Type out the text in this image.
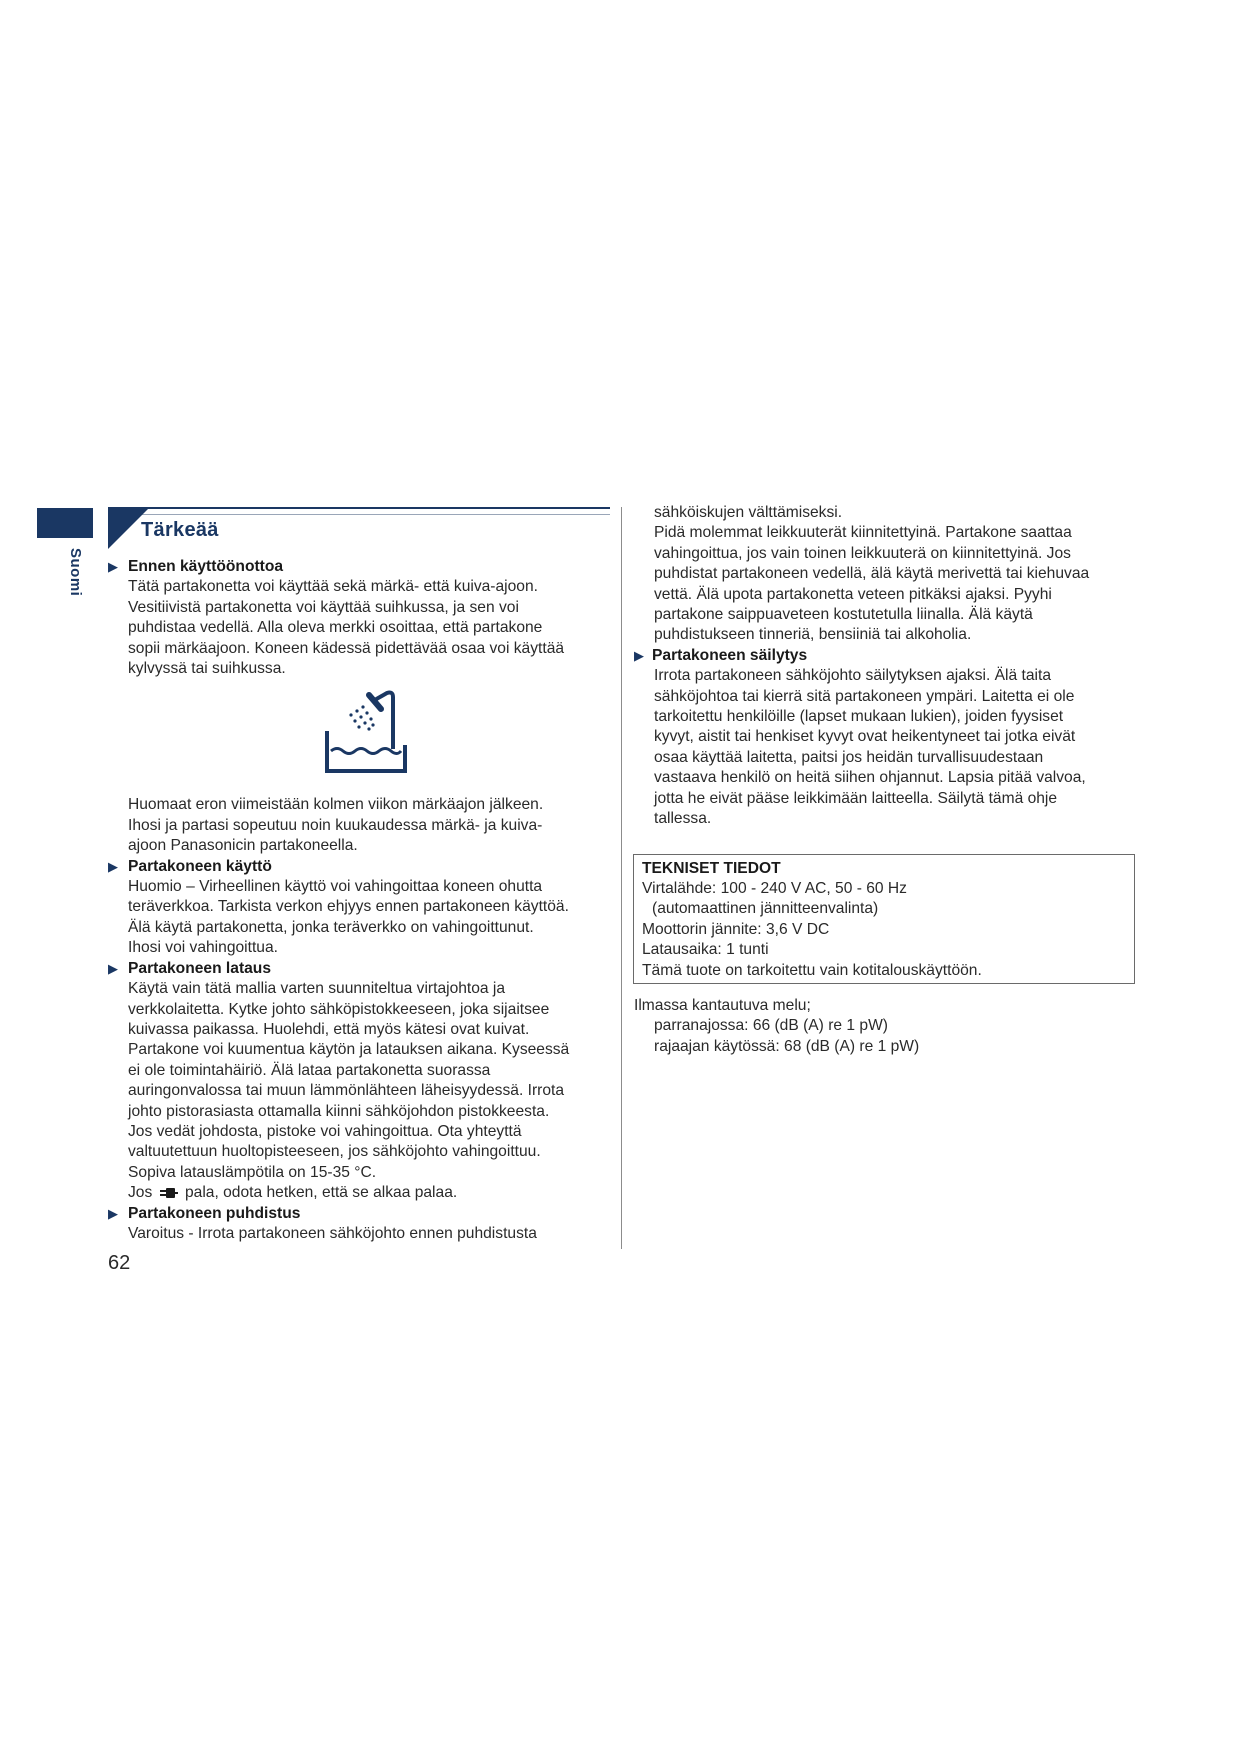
Suomi
Tärkeää
▶ Ennen käyttöönottoa
Tätä partakonetta voi käyttää sekä märkä- että kuiva-ajoon.
Vesitiivistä partakonetta voi käyttää suihkussa, ja sen voi
puhdistaa vedellä. Alla oleva merkki osoittaa, että partakone
sopii märkäajoon. Koneen kädessä pidettävää osaa voi käyttää
kylvyssä tai suihkussa.
Huomaat eron viimeistään kolmen viikon märkäajon jälkeen.
Ihosi ja partasi sopeutuu noin kuukaudessa märkä- ja kuiva-
ajoon Panasonicin partakoneella.
▶ Partakoneen käyttö
Huomio – Virheellinen käyttö voi vahingoittaa koneen ohutta
teräverkkoa. Tarkista verkon ehjyys ennen partakoneen käyttöä.
Älä käytä partakonetta, jonka teräverkko on vahingoittunut.
Ihosi voi vahingoittua.
▶ Partakoneen lataus
Käytä vain tätä mallia varten suunniteltua virtajohtoa ja
verkkolaitetta. Kytke johto sähköpistokkeeseen, joka sijaitsee
kuivassa paikassa. Huolehdi, että myös kätesi ovat kuivat.
Partakone voi kuumentua käytön ja latauksen aikana. Kyseessä
ei ole toimintahäiriö. Älä lataa partakonetta suorassa
auringonvalossa tai muun lämmönlähteen läheisyydessä. Irrota
johto pistorasiasta ottamalla kiinni sähköjohdon pistokkeesta.
Jos vedät johdosta, pistoke voi vahingoittua. Ota yhteyttä
valtuutettuun huoltopisteeseen, jos sähköjohto vahingoittuu.
Sopiva latauslämpötila on 15-35 °C.
Jos pala, odota hetken, että se alkaa palaa.
▶ Partakoneen puhdistus
Varoitus - Irrota partakoneen sähköjohto ennen puhdistusta
sähköiskujen välttämiseksi.
Pidä molemmat leikkuuterät kiinnitettyinä. Partakone saattaa
vahingoittua, jos vain toinen leikkuuterä on kiinnitettyinä. Jos
puhdistat partakoneen vedellä, älä käytä merivettä tai kiehuvaa
vettä. Älä upota partakonetta veteen pitkäksi ajaksi. Pyyhi
partakone saippuaveteen kostutetulla liinalla. Älä käytä
puhdistukseen tinneriä, bensiiniä tai alkoholia.
▶ Partakoneen säilytys
Irrota partakoneen sähköjohto säilytyksen ajaksi. Älä taita
sähköjohtoa tai kierrä sitä partakoneen ympäri. Laitetta ei ole
tarkoitettu henkilöille (lapset mukaan lukien), joiden fyysiset
kyvyt, aistit tai henkiset kyvyt ovat heikentyneet tai jotka eivät
osaa käyttää laitetta, paitsi jos heidän turvallisuudestaan
vastaava henkilö on heitä siihen ohjannut. Lapsia pitää valvoa,
jotta he eivät pääse leikkimään laitteella. Säilytä tämä ohje
tallessa.
TEKNISET TIEDOT
Virtalähde: 100 - 240 V AC, 50 - 60 Hz
(automaattinen jännitteenvalinta)
Moottorin jännite: 3,6 V DC
Latausaika: 1 tunti
Tämä tuote on tarkoitettu vain kotitalouskäyttöön.
Ilmassa kantautuva melu;
parranajossa: 66 (dB (A) re 1 pW)
rajaajan käytössä: 68 (dB (A) re 1 pW)
62
